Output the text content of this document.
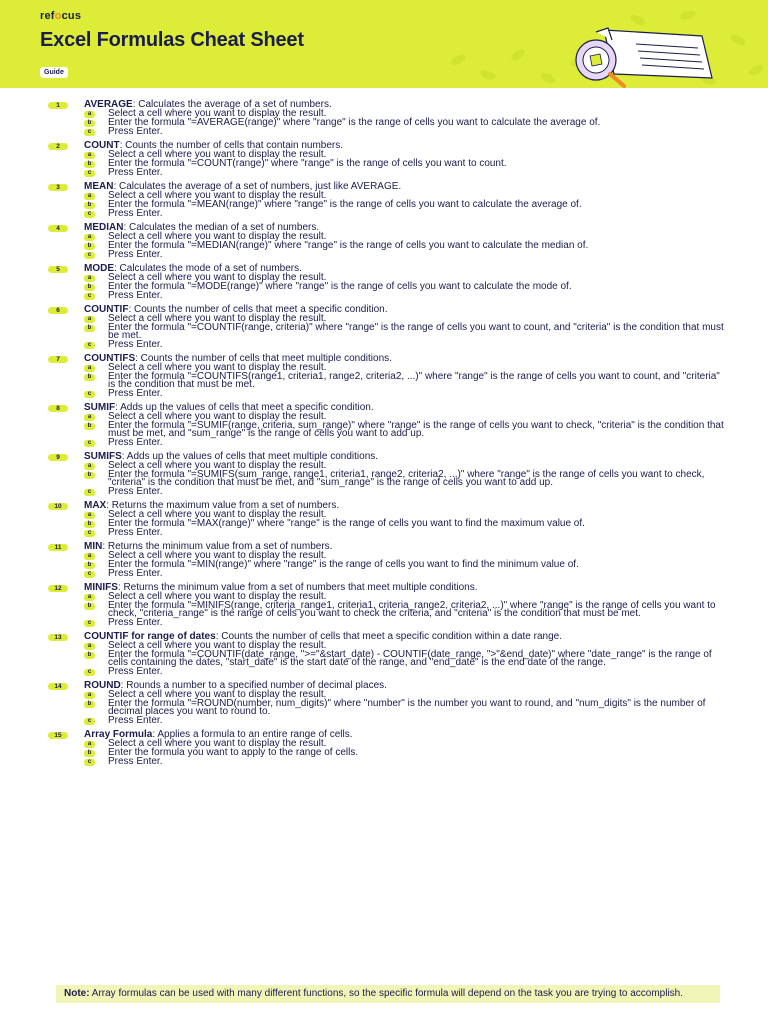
refocus
Excel Formulas Cheat Sheet
Guide
1	AVERAGE: Calculates the average of a set of numbers.
a	Select a cell where you want to display the result.
b	Enter the formula "=AVERAGE(range)" where "range" is the range of cells you want to calculate the average of.
c	Press Enter.
2	COUNT: Counts the number of cells that contain numbers.
a	Select a cell where you want to display the result.
b	Enter the formula "=COUNT(range)" where "range" is the range of cells you want to count.
c	Press Enter.
3	MEAN: Calculates the average of a set of numbers, just like AVERAGE.
a	Select a cell where you want to display the result.
b	Enter the formula "=MEAN(range)" where "range" is the range of cells you want to calculate the average of.
c	Press Enter.
4	MEDIAN: Calculates the median of a set of numbers.
a	Select a cell where you want to display the result.
b	Enter the formula "=MEDIAN(range)" where "range" is the range of cells you want to calculate the median of.
c	Press Enter.
5	MODE: Calculates the mode of a set of numbers.
a	Select a cell where you want to display the result.
b	Enter the formula "=MODE(range)" where "range" is the range of cells you want to calculate the mode of.
c	Press Enter.
6	COUNTIF: Counts the number of cells that meet a specific condition.
a	Select a cell where you want to display the result.
b	Enter the formula "=COUNTIF(range, criteria)" where "range" is the range of cells you want to count, and "criteria" is the condition that must be met.
c	Press Enter.
7	COUNTIFS: Counts the number of cells that meet multiple conditions.
a	Select a cell where you want to display the result.
b	Enter the formula "=COUNTIFS(range1, criteria1, range2, criteria2, ...)" where "range" is the range of cells you want to count, and "criteria" is the condition that must be met.
c	Press Enter.
8	SUMIF: Adds up the values of cells that meet a specific condition.
a	Select a cell where you want to display the result.
b	Enter the formula "=SUMIF(range, criteria, sum_range)" where "range" is the range of cells you want to check, "criteria" is the condition that must be met, and "sum_range" is the range of cells you want to add up.
c	Press Enter.
9	SUMIFS: Adds up the values of cells that meet multiple conditions.
a	Select a cell where you want to display the result.
b	Enter the formula "=SUMIFS(sum_range, range1, criteria1, range2, criteria2, ...)" where "range" is the range of cells you want to check, "criteria" is the condition that must be met, and "sum_range" is the range of cells you want to add up.
c	Press Enter.
10	MAX: Returns the maximum value from a set of numbers.
a	Select a cell where you want to display the result.
b	Enter the formula "=MAX(range)" where "range" is the range of cells you want to find the maximum value of.
c	Press Enter.
11	MIN: Returns the minimum value from a set of numbers.
a	Select a cell where you want to display the result.
b	Enter the formula "=MIN(range)" where "range" is the range of cells you want to find the minimum value of.
c	Press Enter.
12	MINIFS: Returns the minimum value from a set of numbers that meet multiple conditions.
a	Select a cell where you want to display the result.
b	Enter the formula "=MINIFS(range, criteria_range1, criteria1, criteria_range2, criteria2, ...)" where "range" is the range of cells you want to check, "criteria_range" is the range of cells you want to check the criteria, and "criteria" is the condition that must be met.
c	Press Enter.
13	COUNTIF for range of dates: Counts the number of cells that meet a specific condition within a date range.
a	Select a cell where you want to display the result.
b	Enter the formula "=COUNTIF(date_range, ">="&start_date) - COUNTIF(date_range, ">"&end_date)" where "date_range" is the range of cells containing the dates, "start_date" is the start date of the range, and "end_date" is the end date of the range.
c	Press Enter.
14	ROUND: Rounds a number to a specified number of decimal places.
a	Select a cell where you want to display the result.
b	Enter the formula "=ROUND(number, num_digits)" where "number" is the number you want to round, and "num_digits" is the number of decimal places you want to round to.
c	Press Enter.
15	Array Formula: Applies a formula to an entire range of cells.
a	Select a cell where you want to display the result.
b	Enter the formula you want to apply to the range of cells.
c	Press Enter.
Note: Array formulas can be used with many different functions, so the specific formula will depend on the task you are trying to accomplish.
